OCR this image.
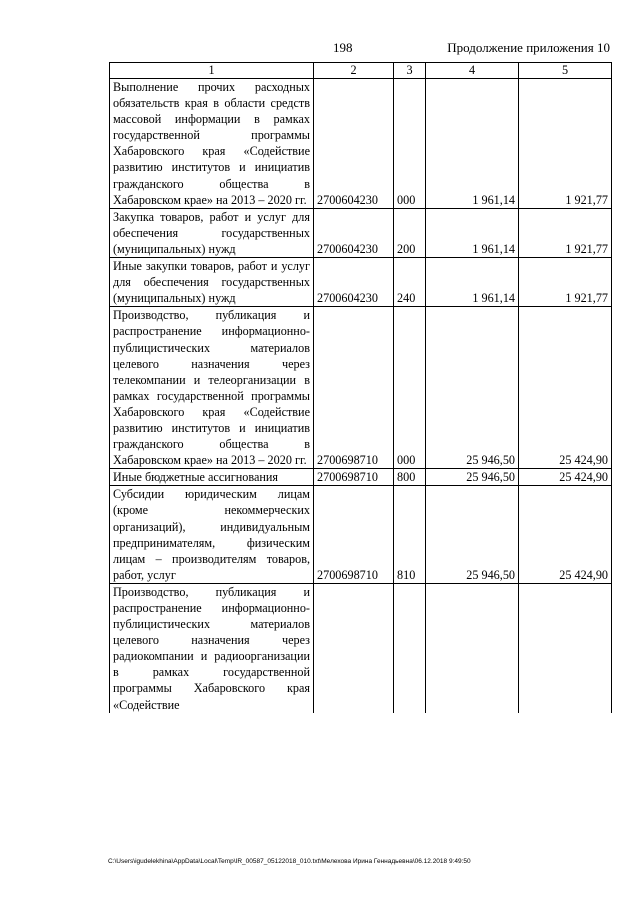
198	Продолжение приложения 10
1	2	3	4	5
Выполнение прочих расходных обязательств края в области средств массовой информации в рамках государственной программы Хабаровского края «Содействие развитию институтов и инициатив гражданского общества в Хабаровском крае» на 2013 – 2020 гг.	2700604230	000	1 961,14	1 921,77
Закупка товаров, работ и услуг для обеспечения государственных (муниципальных) нужд	2700604230	200	1 961,14	1 921,77
Иные закупки товаров, работ и услуг для обеспечения государственных (муниципальных) нужд	2700604230	240	1 961,14	1 921,77
Производство, публикация и распространение информационно-публицистических материалов целевого назначения через телекомпании и телеорганизации в рамках государственной программы Хабаровского края «Содействие развитию институтов и инициатив гражданского общества в Хабаровском крае» на 2013 – 2020 гг.	2700698710	000	25 946,50	25 424,90
Иные бюджетные ассигнования	2700698710	800	25 946,50	25 424,90
Субсидии юридическим лицам (кроме некоммерческих организаций), индивидуальным предпринимателям, физическим лицам – производителям товаров, работ, услуг	2700698710	810	25 946,50	25 424,90
Производство, публикация и распространение информационно-публицистических материалов целевого назначения через радиокомпании и радиоорганизации в рамках государственной программы Хабаровского края «Содействие				
C:\Users\igudelekhina\AppData\Local\Temp\IR_00587_05122018_010.txt\Мелехова Ирина Геннадьевна\06.12.2018 9:49:50
